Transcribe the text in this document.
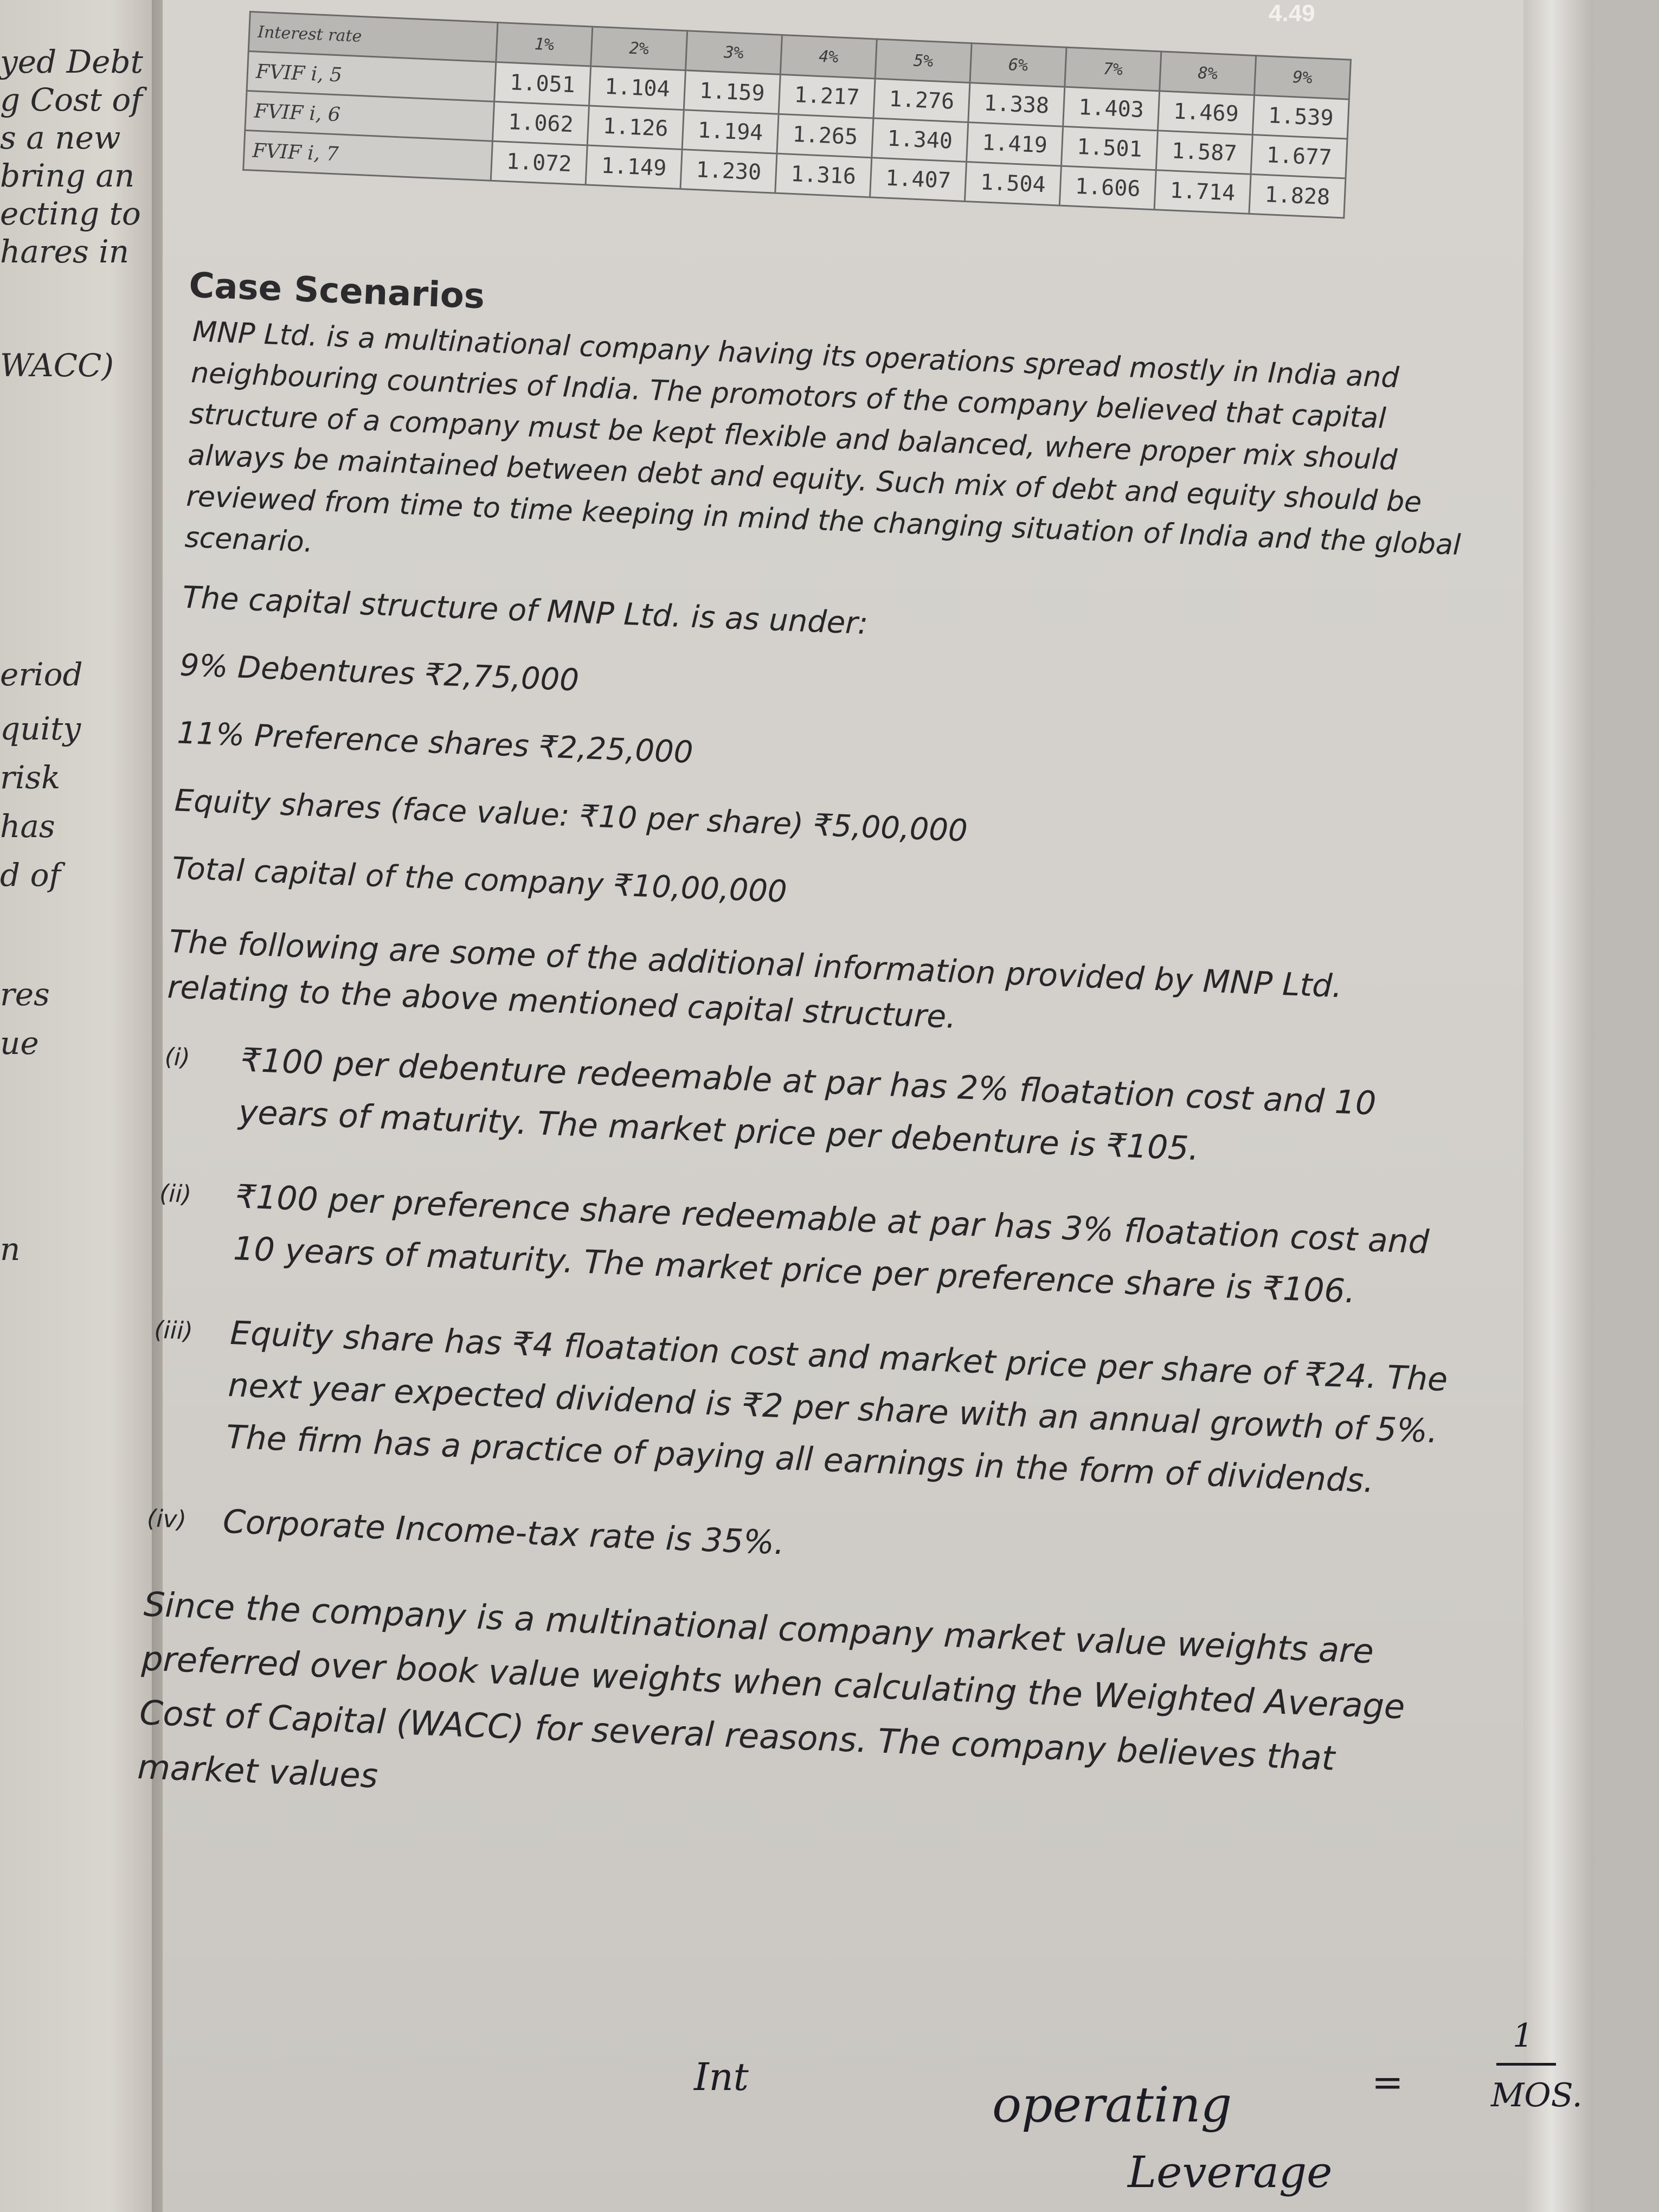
yed Debt
g Cost of
s a new
bring an
ecting to
hares in
WACC)
eriod
quity
risk
has
d of
res
ue
n
4.49
Interest rate	1%	2%	3%	4%	5%	6%	7%	8%	9%
FVIF i, 5	1.051	1.104	1.159	1.217	1.276	1.338	1.403	1.469	1.539
FVIF i, 6	1.062	1.126	1.194	1.265	1.340	1.419	1.501	1.587	1.677
FVIF i, 7	1.072	1.149	1.230	1.316	1.407	1.504	1.606	1.714	1.828
Case Scenarios

MNP Ltd. is a multinational company having its operations spread mostly in India and neighbouring countries of India. The promotors of the company believed that capital structure of a company must be kept flexible and balanced, where proper mix should always be maintained between debt and equity. Such mix of debt and equity should be reviewed from time to time keeping in mind the changing situation of India and the global scenario.

The capital structure of MNP Ltd. is as under:

9% Debentures ₹2,75,000

11% Preference shares ₹2,25,000

Equity shares (face value: ₹10 per share) ₹5,00,000

Total capital of the company ₹10,00,000

The following are some of the additional information provided by MNP Ltd. relating to the above mentioned capital structure.

(i)	₹100 per debenture redeemable at par has 2% floatation cost and 10 years of maturity. The market price per debenture is ₹105.
(ii)	₹100 per preference share redeemable at par has 3% floatation cost and 10 years of maturity. The market price per preference share is ₹106.
(iii)	Equity share has ₹4 floatation cost and market price per share of ₹24. The next year expected dividend is ₹2 per share with an annual growth of 5%. The firm has a practice of paying all earnings in the form of dividends.
(iv)	Corporate Income-tax rate is 35%.

Since the company is a multinational company market value weights are preferred over book value weights when calculating the Weighted Average Cost of Capital (WACC) for several reasons. The company believes that market values

Int	operating
Leverage
=
1
MOS.
